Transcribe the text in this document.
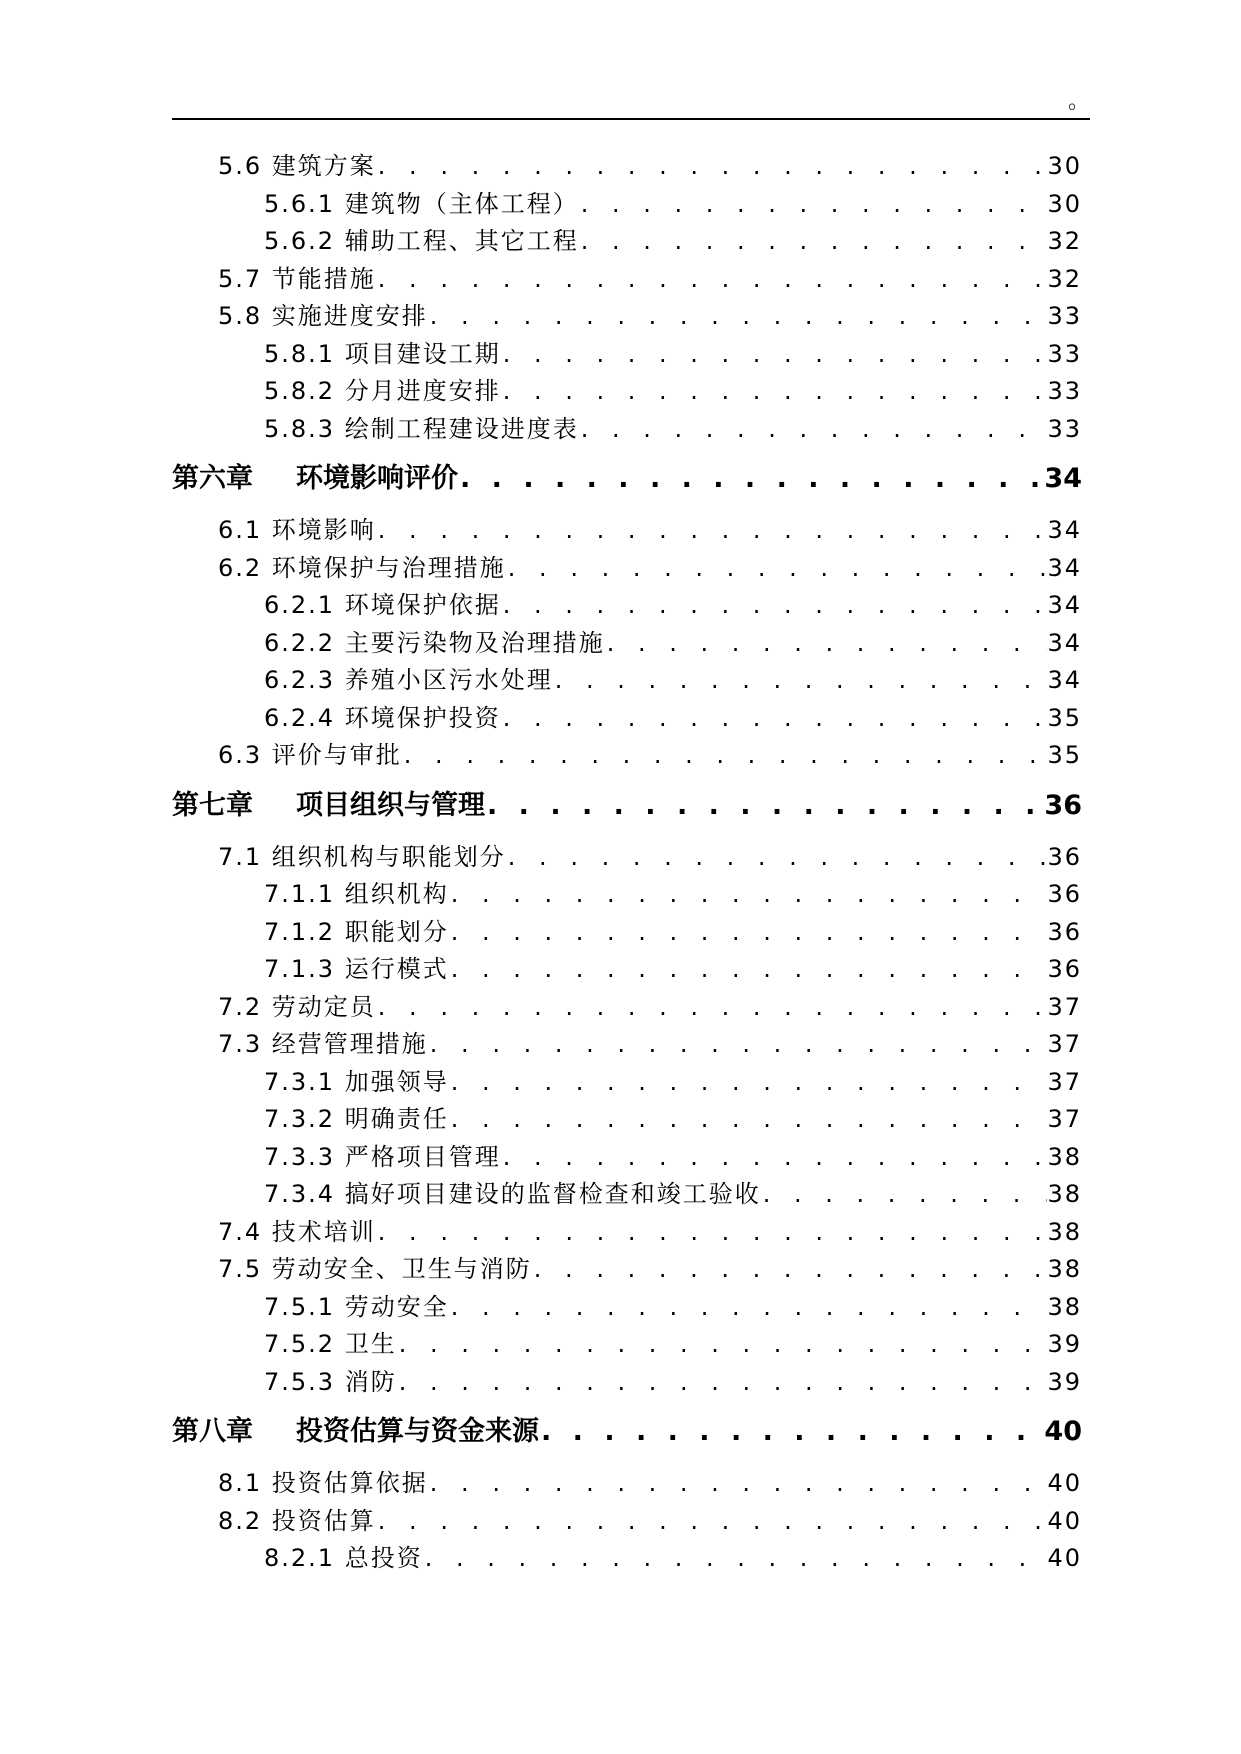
。
5.6 建筑方案 . . .	30
5.6.1 建筑物（主体工程） . . .	30
5.6.2 辅助工程、其它工程 . . .	32
5.7 节能措施 . . .	32
5.8 实施进度安排 . . .	33
5.8.1 项目建设工期 . . .	33
5.8.2 分月进度安排 . . .	33
5.8.3 绘制工程建设进度表 . . .	33
第六章 环境影响评价 . . .	34
6.1 环境影响 . . .	34
6.2 环境保护与治理措施 . . .	34
6.2.1 环境保护依据 . . .	34
6.2.2 主要污染物及治理措施 . . .	34
6.2.3 养殖小区污水处理 . . .	34
6.2.4 环境保护投资 . . .	35
6.3 评价与审批 . . .	35
第七章 项目组织与管理 . . .	36
7.1 组织机构与职能划分 . . .	36
7.1.1 组织机构 . . .	36
7.1.2 职能划分 . . .	36
7.1.3 运行模式 . . .	36
7.2 劳动定员 . . .	37
7.3 经营管理措施 . . .	37
7.3.1 加强领导 . . .	37
7.3.2 明确责任 . . .	37
7.3.3 严格项目管理 . . .	38
7.3.4 搞好项目建设的监督检查和竣工验收 . . .	38
7.4 技术培训 . . .	38
7.5 劳动安全、卫生与消防 . . .	38
7.5.1 劳动安全 . . .	38
7.5.2 卫生 . . .	39
7.5.3 消防 . . .	39
第八章 投资估算与资金来源 . . .	40
8.1 投资估算依据 . . .	40
8.2 投资估算 . . .	40
8.2.1 总投资 . . .	40
